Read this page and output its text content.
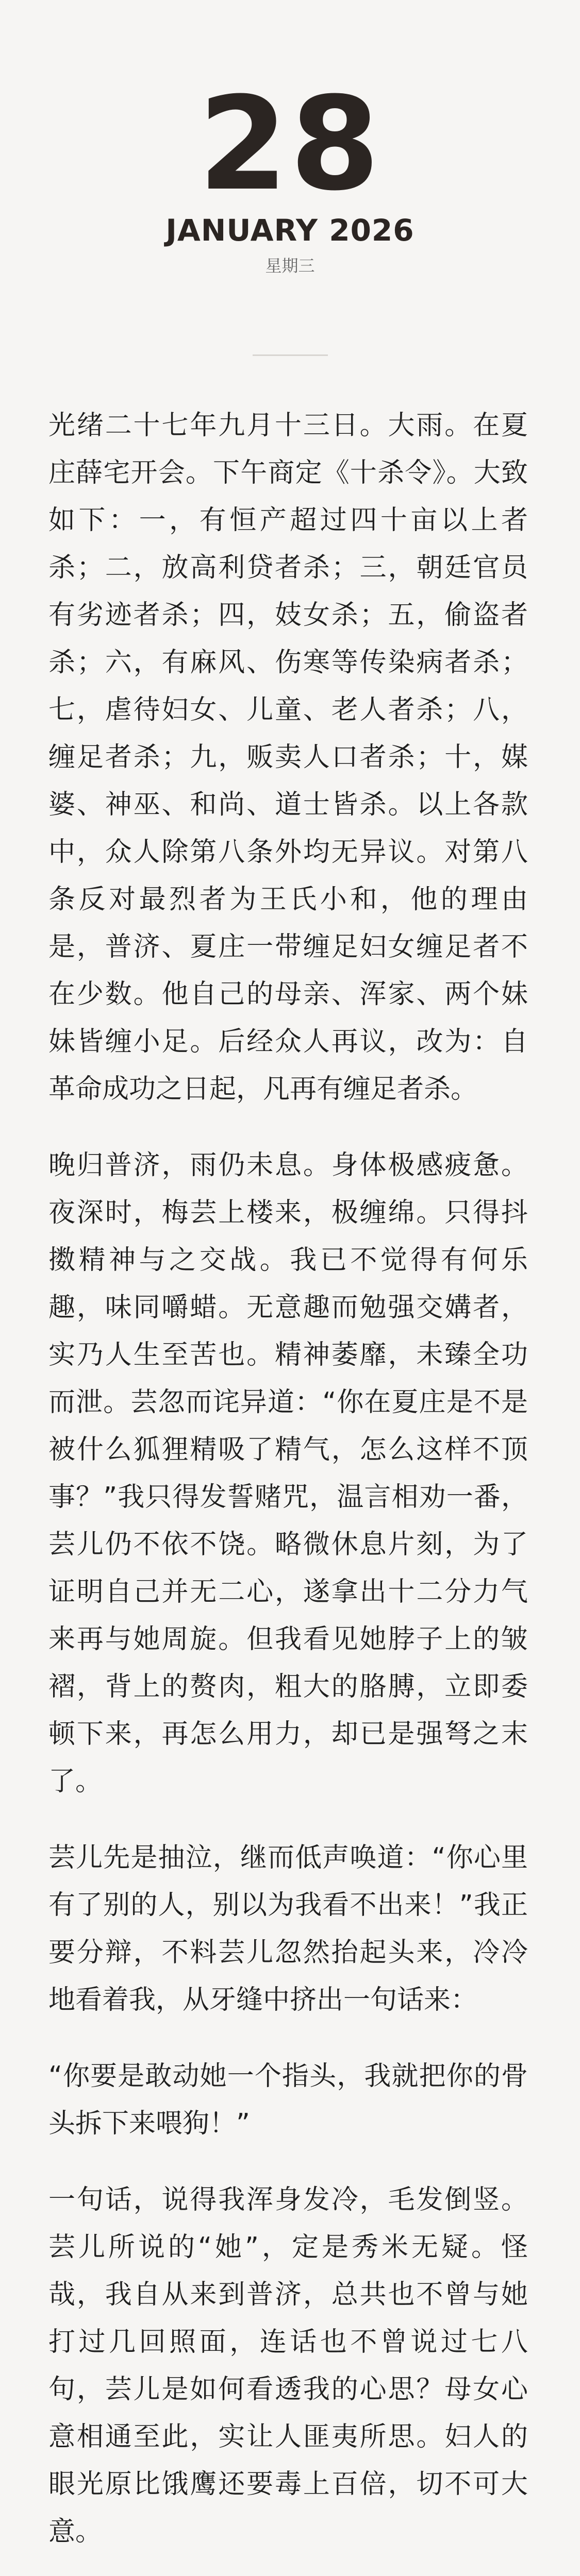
28
JANUARY 2026
星期三

光绪二十七年九月十三日。大雨。在夏庄薛宅开会。下午商定《十杀令》。大致如下：一，有恒产超过四十亩以上者杀；二，放高利贷者杀；三，朝廷官员有劣迹者杀；四，妓女杀；五，偷盗者杀；六，有麻风、伤寒等传染病者杀；七，虐待妇女、儿童、老人者杀；八，缠足者杀；九，贩卖人口者杀；十，媒婆、神巫、和尚、道士皆杀。以上各款中，众人除第八条外均无异议。对第八条反对最烈者为王氏小和，他的理由是，普济、夏庄一带缠足妇女缠足者不在少数。他自己的母亲、浑家、两个妹妹皆缠小足。后经众人再议，改为：自革命成功之日起，凡再有缠足者杀。

晚归普济，雨仍未息。身体极感疲惫。夜深时，梅芸上楼来，极缠绵。只得抖擞精神与之交战。我已不觉得有何乐趣，味同嚼蜡。无意趣而勉强交媾者，实乃人生至苦也。精神萎靡，未臻全功而泄。芸忽而诧异道：“你在夏庄是不是被什么狐狸精吸了精气，怎么这样不顶事？”我只得发誓赌咒，温言相劝一番，芸儿仍不依不饶。略微休息片刻，为了证明自己并无二心，遂拿出十二分力气来再与她周旋。但我看见她脖子上的皱褶，背上的赘肉，粗大的胳膊，立即委顿下来，再怎么用力，却已是强弩之末了。

芸儿先是抽泣，继而低声唤道：“你心里有了别的人，别以为我看不出来！”我正要分辩，不料芸儿忽然抬起头来，冷冷地看着我，从牙缝中挤出一句话来：

“你要是敢动她一个指头，我就把你的骨头拆下来喂狗！”

一句话，说得我浑身发冷，毛发倒竖。芸儿所说的“她”，定是秀米无疑。怪哉，我自从来到普济，总共也不曾与她打过几回照面，连话也不曾说过七八句，芸儿是如何看透我的心思？母女心意相通至此，实让人匪夷所思。妇人的眼光原比饿鹰还要毒上百倍，切不可大意。
